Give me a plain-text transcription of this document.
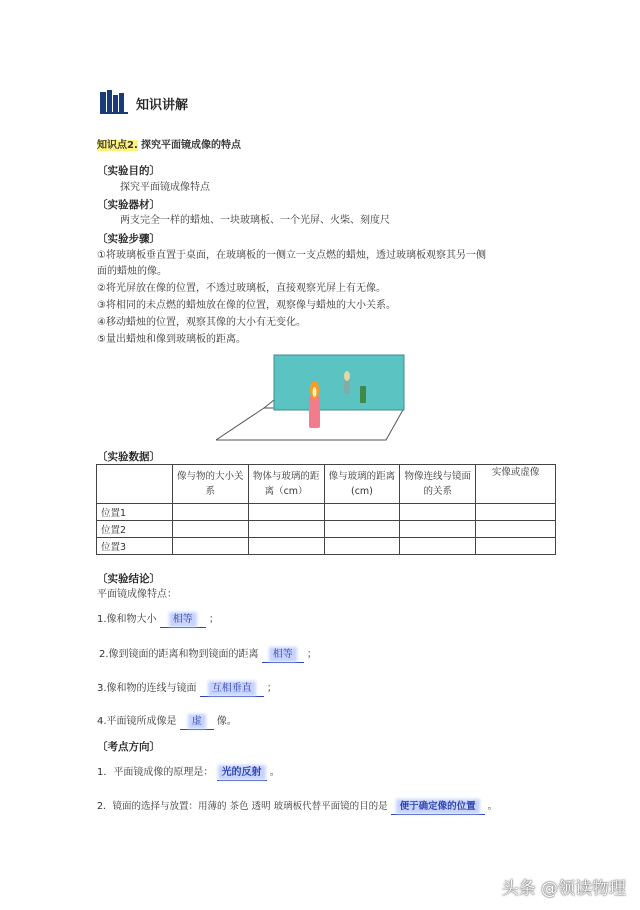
知识讲解
知识点2. 探究平面镜成像的特点
〔实验目的〕
探究平面镜成像特点
〔实验器材〕
两支完全一样的蜡烛、一块玻璃板、一个光屏、火柴、刻度尺
〔实验步骤〕
①将玻璃板垂直置于桌面，在玻璃板的一侧立一支点燃的蜡烛，透过玻璃板观察其另一侧
面的蜡烛的像。
②将光屏放在像的位置，不透过玻璃板，直接观察光屏上有无像。
③将相同的未点燃的蜡烛放在像的位置，观察像与蜡烛的大小关系。
④移动蜡烛的位置，观察其像的大小有无变化。
⑤量出蜡烛和像到玻璃板的距离。
〔实验数据〕
	像与物的大小关系	物体与玻璃的距离（cm）	像与玻璃的距离(cm)	物像连线与镜面的关系	实像或虚像
位置1					
位置2					
位置3					
〔实验结论〕
平面镜成像特点：
1.像和物大小 相等 ；
2.像到镜面的距离和物到镜面的距离 相等 ；
3.像和物的连线与镜面 互相垂直 ；
4.平面镜所成像是 虚 像。
〔考点方向〕
1．平面镜成像的原理是： 光的反射 。
2．镜面的选择与放置：用薄的 茶色 透明 玻璃板代替平面镜的目的是 便于确定像的位置 。
头条 @领读物理
